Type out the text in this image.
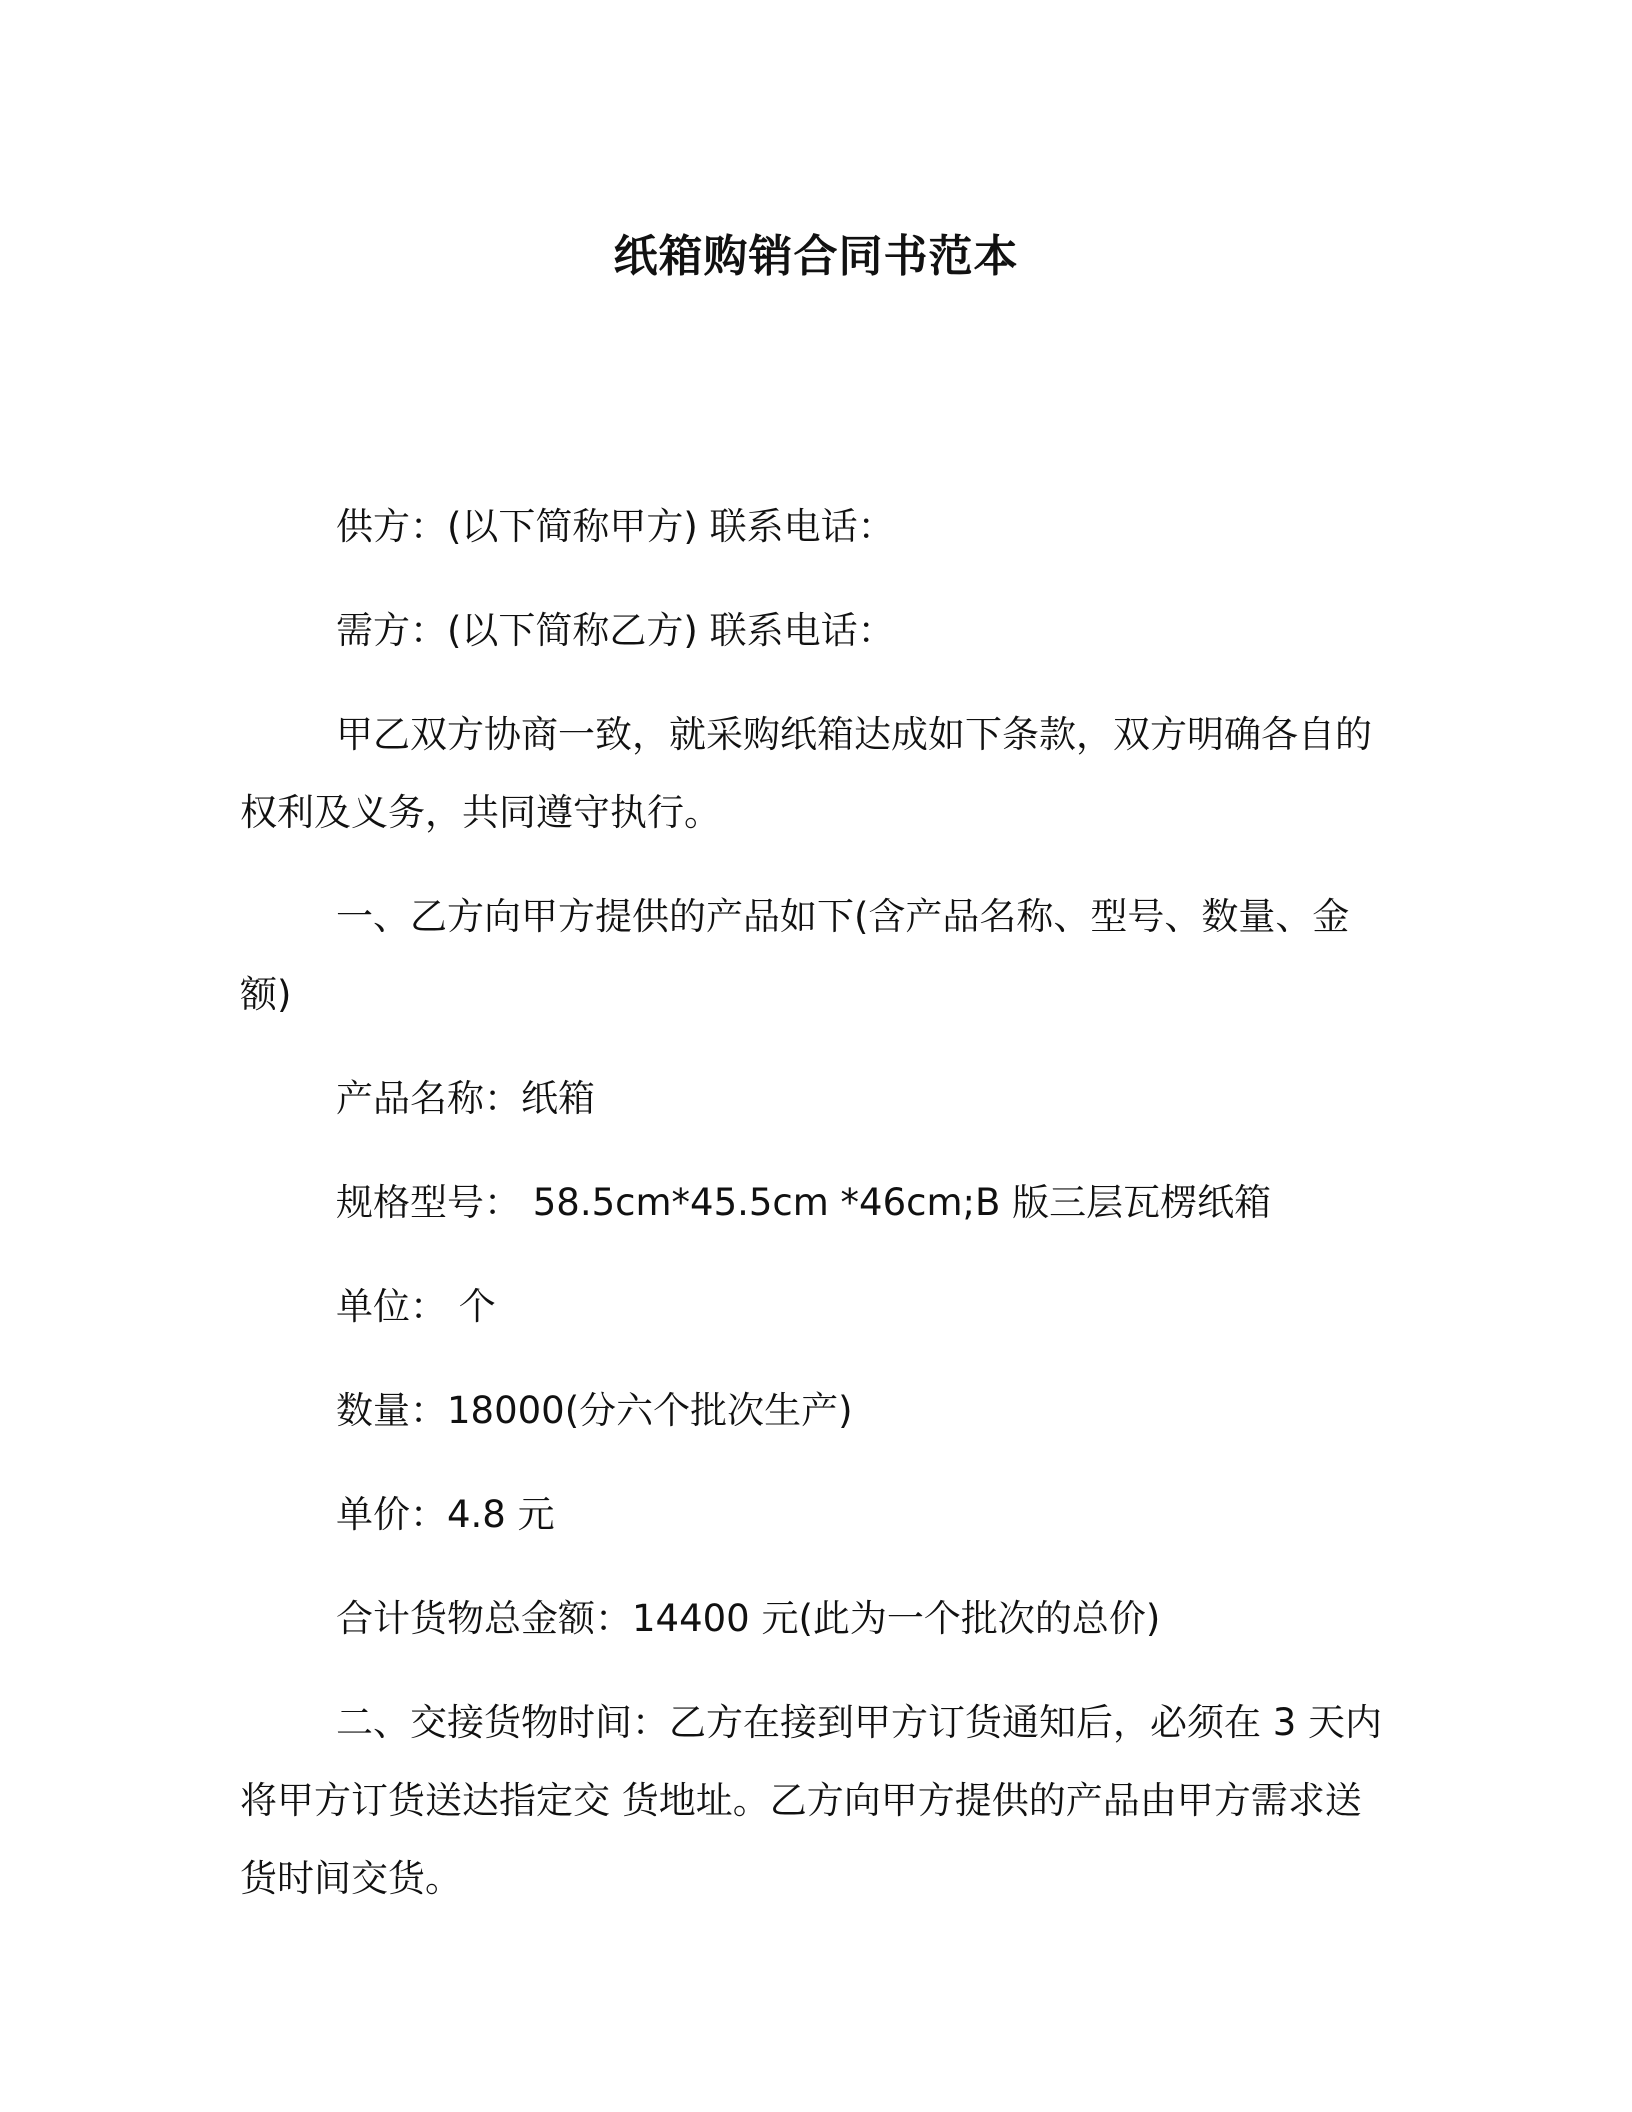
纸箱购销合同书范本

供方：(以下简称甲方) 联系电话：

需方：(以下简称乙方) 联系电话：

甲乙双方协商一致，就采购纸箱达成如下条款，双方明确各自的权利及义务，共同遵守执行。

一、乙方向甲方提供的产品如下(含产品名称、型号、数量、金额)

产品名称：纸箱

规格型号： 58.5cm*45.5cm *46cm;B 版三层瓦楞纸箱

单位： 个

数量：18000(分六个批次生产)

单价：4.8 元

合计货物总金额：14400 元(此为一个批次的总价)

二、交接货物时间：乙方在接到甲方订货通知后，必须在 3 天内将甲方订货送达指定交 货地址。乙方向甲方提供的产品由甲方需求送货时间交货。
